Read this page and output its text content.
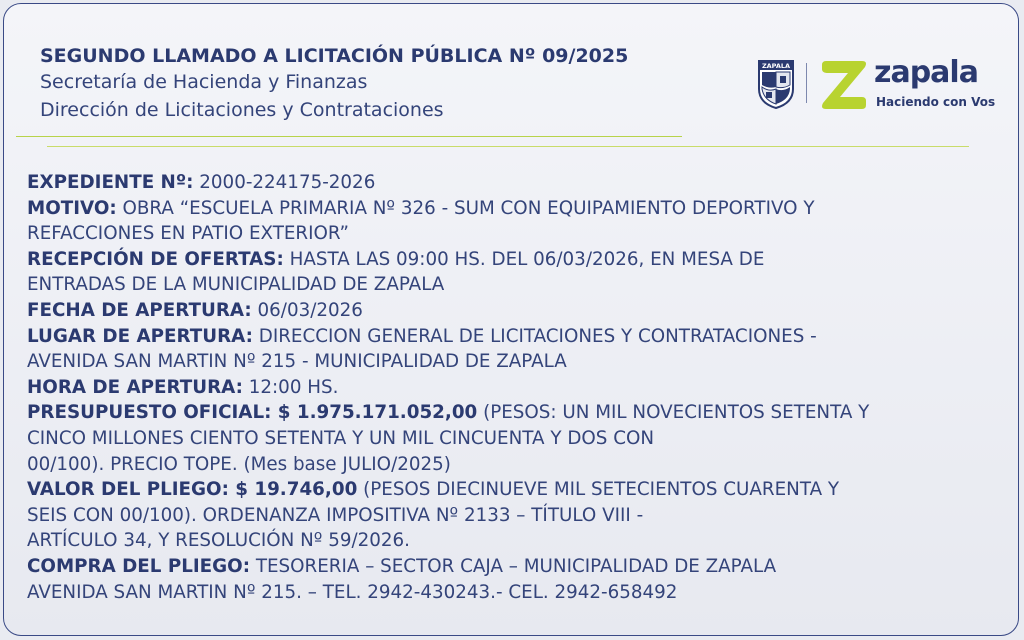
SEGUNDO LLAMADO A LICITACIÓN PÚBLICA Nº 09/2025
Secretaría de Hacienda y Finanzas
Dirección de Licitaciones y Contrataciones
ZAPALA	zapala
Haciendo con Vos
EXPEDIENTE Nº: 2000-224175-2026
MOTIVO: OBRA “ESCUELA PRIMARIA Nº 326 - SUM CON EQUIPAMIENTO DEPORTIVO Y
REFACCIONES EN PATIO EXTERIOR”
RECEPCIÓN DE OFERTAS: HASTA LAS 09:00 HS. DEL 06/03/2026, EN MESA DE
ENTRADAS DE LA MUNICIPALIDAD DE ZAPALA
FECHA DE APERTURA: 06/03/2026
LUGAR DE APERTURA: DIRECCION GENERAL DE LICITACIONES Y CONTRATACIONES -
AVENIDA SAN MARTIN Nº 215 - MUNICIPALIDAD DE ZAPALA
HORA DE APERTURA: 12:00 HS.
PRESUPUESTO OFICIAL: $ 1.975.171.052,00 (PESOS: UN MIL NOVECIENTOS SETENTA Y
CINCO MILLONES CIENTO SETENTA Y UN MIL CINCUENTA Y DOS CON
00/100). PRECIO TOPE. (Mes base JULIO/2025)
VALOR DEL PLIEGO: $ 19.746,00 (PESOS DIECINUEVE MIL SETECIENTOS CUARENTA Y
SEIS CON 00/100). ORDENANZA IMPOSITIVA Nº 2133 – TÍTULO VIII -
ARTÍCULO 34, Y RESOLUCIÓN Nº 59/2026.
COMPRA DEL PLIEGO: TESORERIA – SECTOR CAJA – MUNICIPALIDAD DE ZAPALA
AVENIDA SAN MARTIN Nº 215. – TEL. 2942-430243.- CEL. 2942-658492
